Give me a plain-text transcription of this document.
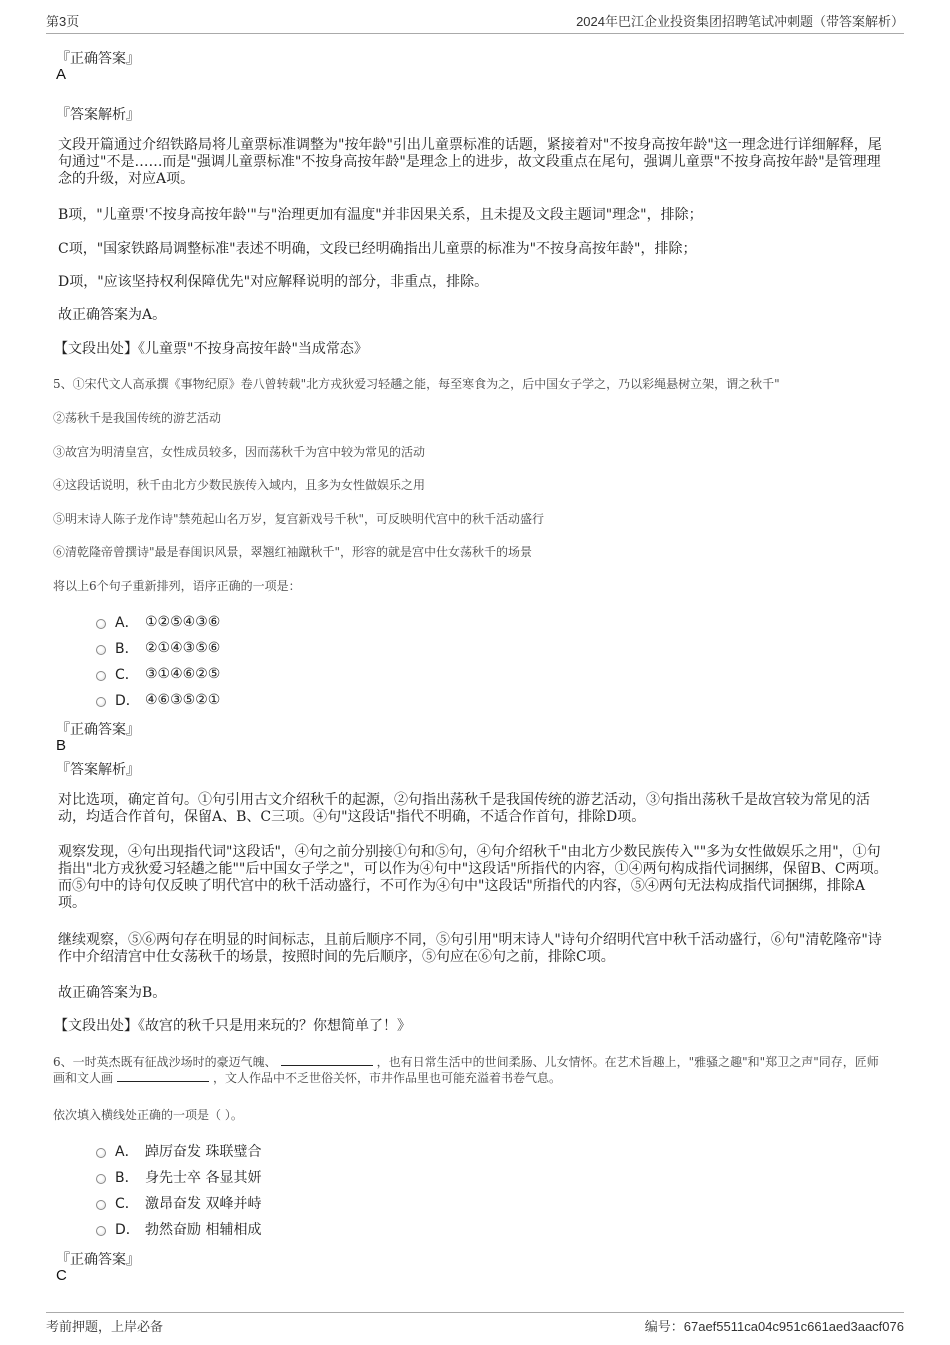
第3页	2024年巴江企业投资集团招聘笔试冲刺题（带答案解析）
『正确答案』
A
『答案解析』
文段开篇通过介绍铁路局将儿童票标准调整为"按年龄"引出儿童票标准的话题，紧接着对"不按身高按年龄"这一理念进行详细解释，尾句通过"不是……而是"强调儿童票标准"不按身高按年龄"是理念上的进步，故文段重点在尾句，强调儿童票"不按身高按年龄"是管理理念的升级，对应A项。
B项，"儿童票'不按身高按年龄'"与"治理更加有温度"并非因果关系，且未提及文段主题词"理念"，排除；
C项，"国家铁路局调整标准"表述不明确，文段已经明确指出儿童票的标准为"不按身高按年龄"，排除；
D项，"应该坚持权利保障优先"对应解释说明的部分，非重点，排除。
故正确答案为A。
【文段出处】《儿童票"不按身高按年龄"当成常态》
5、①宋代文人高承撰《事物纪原》卷八曾转载"北方戎狄爱习轻趫之能，每至寒食为之，后中国女子学之，乃以彩绳悬树立架，谓之秋千"
②荡秋千是我国传统的游艺活动
③故宫为明清皇宫，女性成员较多，因而荡秋千为宫中较为常见的活动
④这段话说明，秋千由北方少数民族传入域内，且多为女性做娱乐之用
⑤明末诗人陈子龙作诗"禁苑起山名万岁，复宫新戏号千秋"，可反映明代宫中的秋千活动盛行
⑥清乾隆帝曾撰诗"最是春闺识风景，翠翘红袖蹴秋千"，形容的就是宫中仕女荡秋千的场景
将以上6个句子重新排列，语序正确的一项是：
A． ①②⑤④③⑥
B． ②①④③⑤⑥
C． ③①④⑥②⑤
D． ④⑥③⑤②①
『正确答案』
B
『答案解析』
对比选项，确定首句。①句引用古文介绍秋千的起源，②句指出荡秋千是我国传统的游艺活动，③句指出荡秋千是故宫较为常见的活动，均适合作首句，保留A、B、C三项。④句"这段话"指代不明确，不适合作首句，排除D项。
观察发现，④句出现指代词"这段话"，④句之前分别接①句和⑤句，④句介绍秋千"由北方少数民族传入""多为女性做娱乐之用"，①句指出"北方戎狄爱习轻趫之能""后中国女子学之"，可以作为④句中"这段话"所指代的内容，①④两句构成指代词捆绑，保留B、C两项。而⑤句中的诗句仅反映了明代宫中的秋千活动盛行，不可作为④句中"这段话"所指代的内容，⑤④两句无法构成指代词捆绑，排除A项。
继续观察，⑤⑥两句存在明显的时间标志，且前后顺序不同，⑤句引用"明末诗人"诗句介绍明代宫中秋千活动盛行，⑥句"清乾隆帝"诗作中介绍清宫中仕女荡秋千的场景，按照时间的先后顺序，⑤句应在⑥句之前，排除C项。
故正确答案为B。
【文段出处】《故宫的秋千只是用来玩的？你想简单了！》
6、一时英杰既有征战沙场时的豪迈气魄、	，也有日常生活中的世间柔肠、儿女情怀。在艺术旨趣上，"雅骚之趣"和"郑卫之声"同存，匠师画和文人画	，文人作品中不乏世俗关怀，市井作品里也可能充溢着书卷气息。
依次填入横线处正确的一项是（ ）。
A． 踔厉奋发 珠联璧合
B． 身先士卒 各显其妍
C． 激昂奋发 双峰并峙
D． 勃然奋励 相辅相成
『正确答案』
C
考前押题，上岸必备	编号：67aef5511ca04c951c661aed3aacf076
